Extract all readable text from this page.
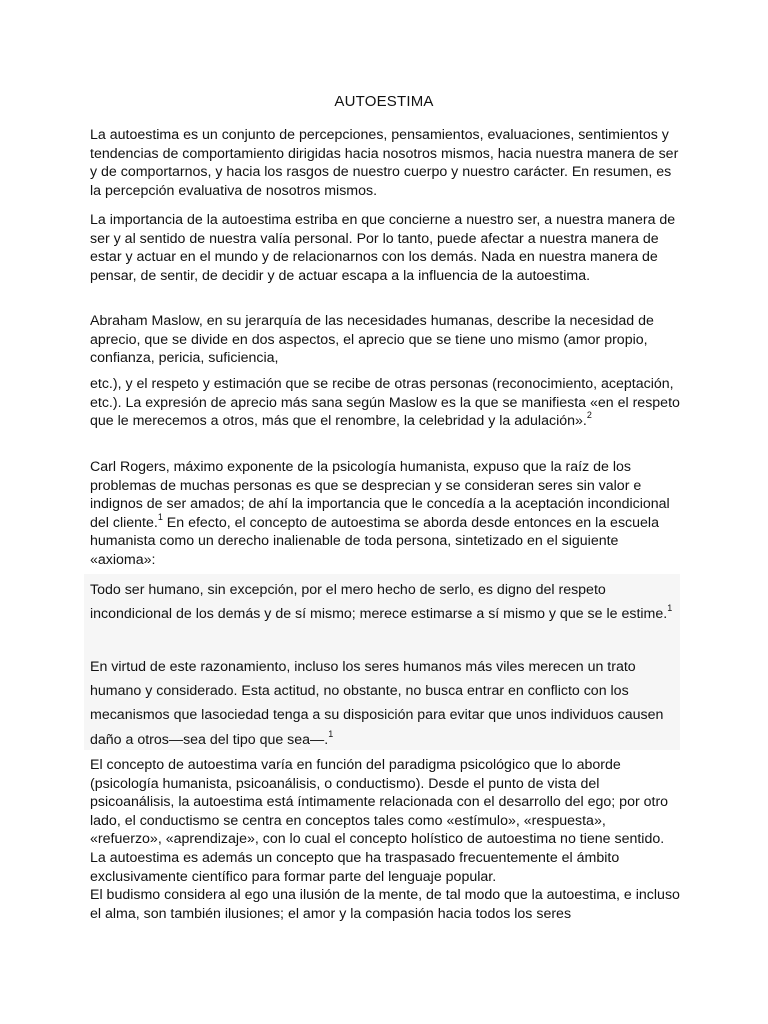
AUTOESTIMA

La autoestima es un conjunto de percepciones, pensamientos, evaluaciones, sentimientos y tendencias de comportamiento dirigidas hacia nosotros mismos, hacia nuestra manera de ser y de comportarnos, y hacia los rasgos de nuestro cuerpo y nuestro carácter. En resumen, es la percepción evaluativa de nosotros mismos.

La importancia de la autoestima estriba en que concierne a nuestro ser, a nuestra manera de ser y al sentido de nuestra valía personal. Por lo tanto, puede afectar a nuestra manera de estar y actuar en el mundo y de relacionarnos con los demás. Nada en nuestra manera de pensar, de sentir, de decidir y de actuar escapa a la influencia de la autoestima.

Abraham Maslow, en su jerarquía de las necesidades humanas, describe la necesidad de aprecio, que se divide en dos aspectos, el aprecio que se tiene uno mismo (amor propio, confianza, pericia, suficiencia,

etc.), y el respeto y estimación que se recibe de otras personas (reconocimiento, aceptación, etc.). La expresión de aprecio más sana según Maslow es la que se manifiesta «en el respeto que le merecemos a otros, más que el renombre, la celebridad y la adulación».$^2$

Carl Rogers, máximo exponente de la psicología humanista, expuso que la raíz de los problemas de muchas personas es que se desprecian y se consideran seres sin valor e indignos de ser amados; de ahí la importancia que le concedía a la aceptación incondicional del cliente.$^1$ En efecto, el concepto de autoestima se aborda desde entonces en la escuela humanista como un derecho inalienable de toda persona, sintetizado en el siguiente «axioma»:

Todo ser humano, sin excepción, por el mero hecho de serlo, es digno del respeto incondicional de los demás y de sí mismo; merece estimarse a sí mismo y que se le estime.$^1$

En virtud de este razonamiento, incluso los seres humanos más viles merecen un trato humano y considerado. Esta actitud, no obstante, no busca entrar en conflicto con los mecanismos que lasociedad tenga a su disposición para evitar que unos individuos causen daño a otros—sea del tipo que sea—.$^1$

El concepto de autoestima varía en función del paradigma psicológico que lo aborde (psicología humanista, psicoanálisis, o conductismo). Desde el punto de vista del psicoanálisis, la autoestima está íntimamente relacionada con el desarrollo del ego; por otro lado, el conductismo se centra en conceptos tales como «estímulo», «respuesta», «refuerzo», «aprendizaje», con lo cual el concepto holístico de autoestima no tiene sentido. La autoestima es además un concepto que ha traspasado frecuentemente el ámbito exclusivamente científico para formar parte del lenguaje popular.

El budismo considera al ego una ilusión de la mente, de tal modo que la autoestima, e incluso el alma, son también ilusiones; el amor y la compasión hacia todos los seres
